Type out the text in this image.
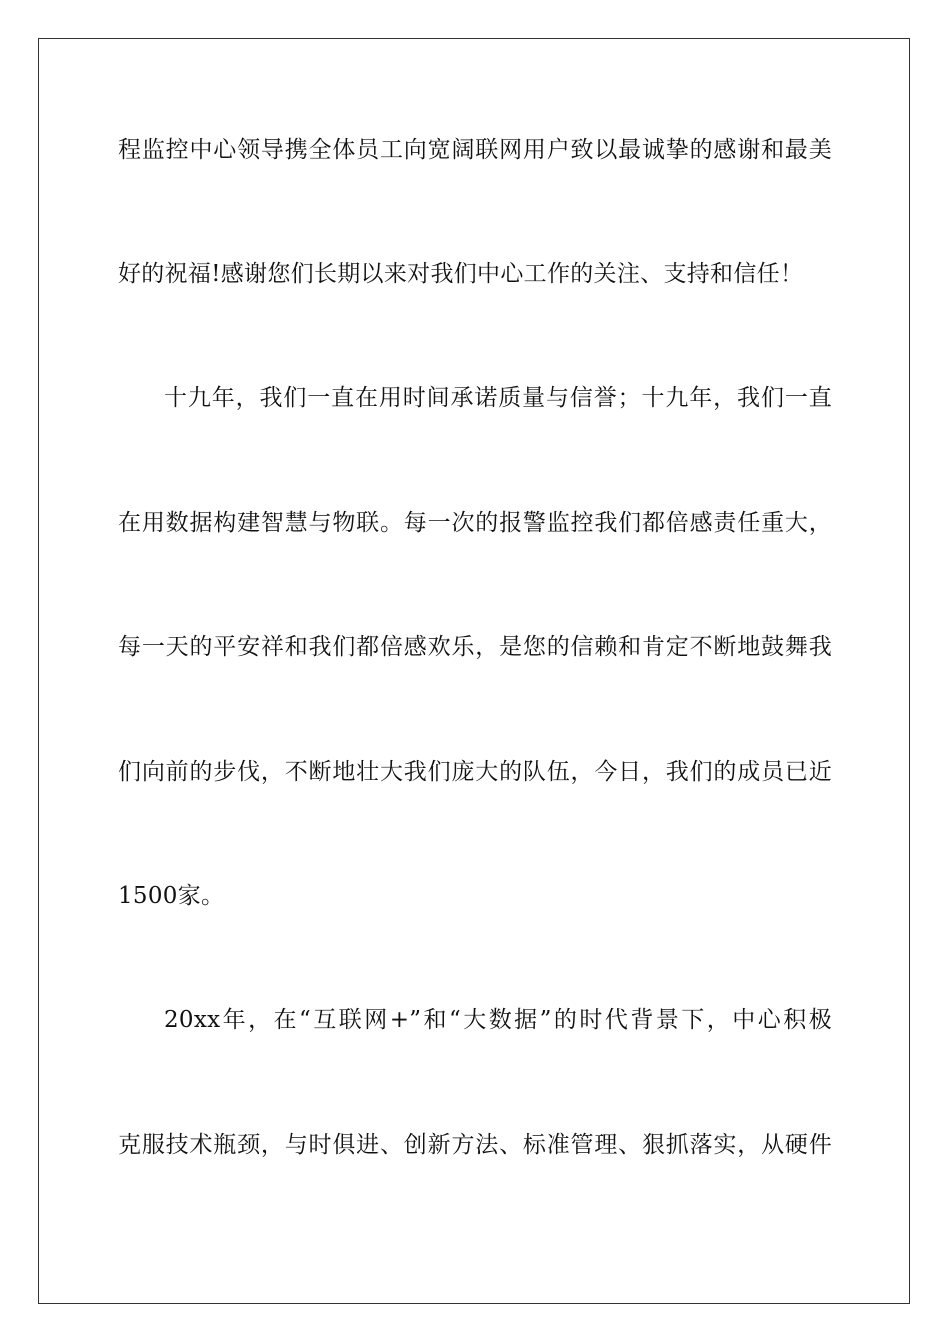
程监控中心领导携全体员工向宽阔联网用户致以最诚挚的感谢和最美
好的祝福!感谢您们长期以来对我们中心工作的关注、支持和信任！
十九年，我们一直在用时间承诺质量与信誉；十九年，我们一直
在用数据构建智慧与物联。每一次的报警监控我们都倍感责任重大，
每一天的平安祥和我们都倍感欢乐，是您的信赖和肯定不断地鼓舞我
们向前的步伐，不断地壮大我们庞大的队伍，今日，我们的成员已近
1500家。
20xx年，在“互联网+”和“大数据”的时代背景下，中心积极
克服技术瓶颈，与时俱进、创新方法、标准管理、狠抓落实，从硬件
